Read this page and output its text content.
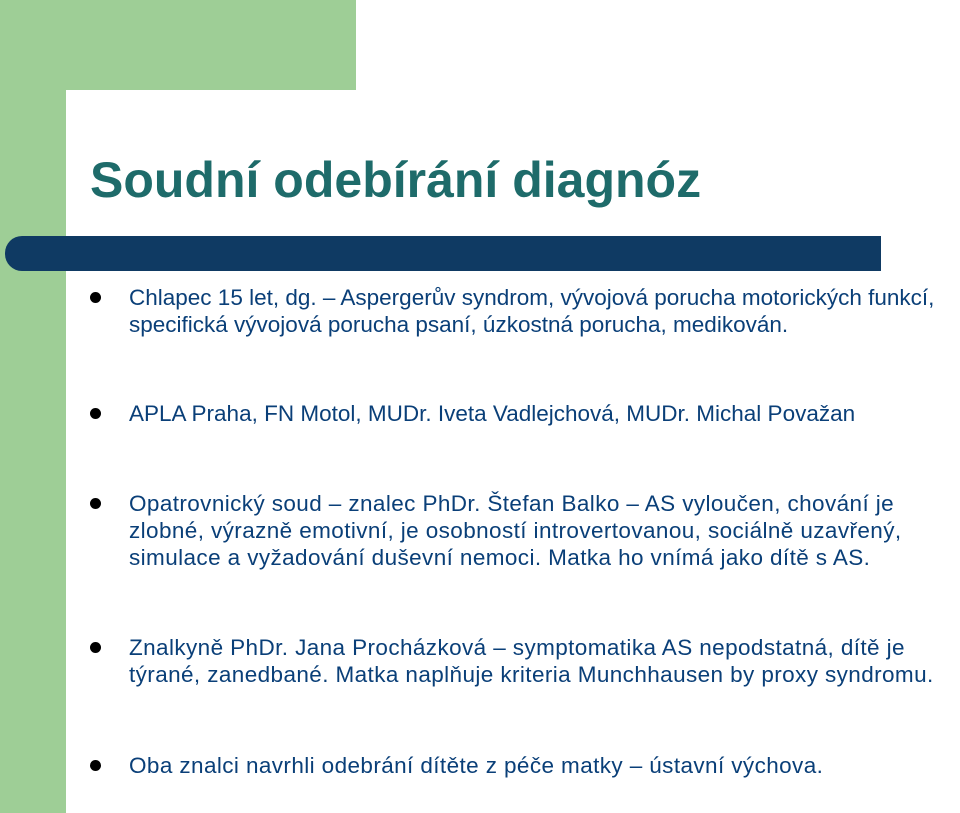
Soudní odebírání diagnóz
Chlapec 15 let, dg. – Aspergerův syndrom, vývojová porucha motorických funkcí, specifická vývojová porucha psaní, úzkostná porucha, medikován.
APLA Praha, FN Motol, MUDr. Iveta Vadlejchová, MUDr. Michal Považan
Opatrovnický soud – znalec PhDr. Štefan Balko – AS vyloučen, chování je zlobné, výrazně emotivní, je osobností introvertovanou, sociálně uzavřený, simulace a vyžadování duševní nemoci. Matka ho vnímá jako dítě s AS.
Znalkyně PhDr. Jana Procházková – symptomatika AS nepodstatná, dítě je týrané, zanedbané. Matka naplňuje kriteria Munchhausen by proxy syndromu.
Oba znalci navrhli odebrání dítěte z péče matky – ústavní výchova.
